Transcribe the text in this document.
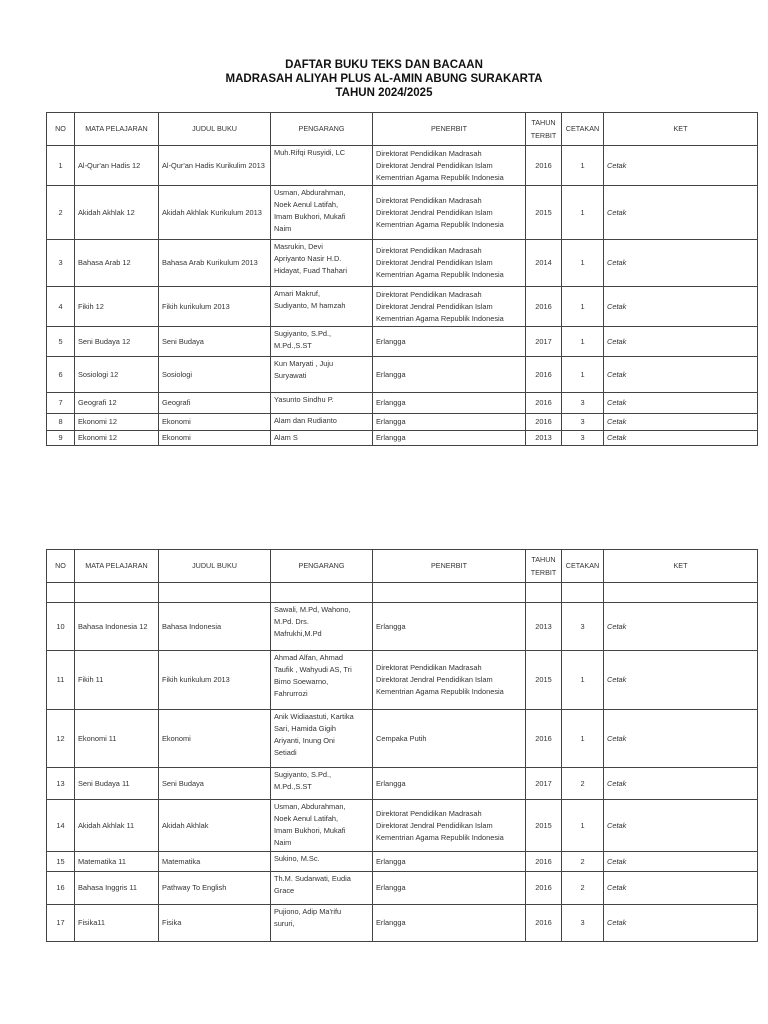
DAFTAR BUKU TEKS DAN BACAAN
MADRASAH ALIYAH PLUS AL-AMIN ABUNG SURAKARTA
TAHUN 2024/2025
NO	MATA PELAJARAN	JUDUL BUKU	PENGARANG	PENERBIT	TAHUN
TERBIT	CETAKAN	KET
1	Al-Qur'an Hadis 12	Al-Qur'an Hadis Kurikulim 2013	Muh.Rifqi Rusyidi, LC	Direktorat Pendidikan Madrasah
Direktorat Jendral Pendidikan Islam
Kementrian Agama Republik Indonesia	2016	1	Cetak
2	Akidah Akhlak 12	Akidah Akhlak Kurikulum 2013	Usman, Abdurahman,
Noek Aenul Latifah,
Imam Bukhori, Mukafi
Naim	Direktorat Pendidikan Madrasah
Direktorat Jendral Pendidikan Islam
Kementrian Agama Republik Indonesia	2015	1	Cetak
3	Bahasa Arab 12	Bahasa Arab Kurikulum 2013	Masrukin, Devi
Apriyanto Nasir H.D.
Hidayat, Fuad Thahari	Direktorat Pendidikan Madrasah
Direktorat Jendral Pendidikan Islam
Kementrian Agama Republik Indonesia	2014	1	Cetak
4	Fikih 12	Fikih kurikulum 2013	Amari Makruf,
Sudiyanto, M hamzah	Direktorat Pendidikan Madrasah
Direktorat Jendral Pendidikan Islam
Kementrian Agama Republik Indonesia	2016	1	Cetak
5	Seni Budaya 12	Seni Budaya	Sugiyanto, S.Pd.,
M.Pd.,S.ST	Erlangga	2017	1	Cetak
6	Sosiologi 12	Sosiologi	Kun Maryati , Juju
Suryawati	Erlangga	2016	1	Cetak
7	Geografi 12	Geografi	Yasunto Sindhu P.	Erlangga	2016	3	Cetak
8	Ekonomi 12	Ekonomi	Alam dan Rudianto	Erlangga	2016	3	Cetak
9	Ekonomi 12	Ekonomi	Alam S	Erlangga	2013	3	Cetak
NO	MATA PELAJARAN	JUDUL BUKU	PENGARANG	PENERBIT	TAHUN
TERBIT	CETAKAN	KET

10	Bahasa Indonesia 12	Bahasa Indonesia	Sawali, M.Pd, Wahono,
M.Pd. Drs.
Mafrukhi,M.Pd	Erlangga	2013	3	Cetak
11	Fikih 11	Fikih kurikulum 2013	Ahmad Alfan, Ahmad
Taufik , Wahyudi AS, Tri
Bimo Soewarno,
Fahrurrozi	Direktorat Pendidikan Madrasah
Direktorat Jendral Pendidikan Islam
Kementrian Agama Republik Indonesia	2015	1	Cetak
12	Ekonomi 11	Ekonomi	Anik Widiaastuti, Kartika
Sari, Hamida Gigih
Ariyanti, Inung Oni
Setiadi	Cempaka Putih	2016	1	Cetak
13	Seni Budaya 11	Seni Budaya	Sugiyanto, S.Pd.,
M.Pd.,S.ST	Erlangga	2017	2	Cetak
14	Akidah Akhlak 11	Akidah Akhlak	Usman, Abdurahman,
Noek Aenul Latifah,
Imam Bukhori, Mukafi
Naim	Direktorat Pendidikan Madrasah
Direktorat Jendral Pendidikan Islam
Kementrian Agama Republik Indonesia	2015	1	Cetak
15	Matematika 11	Matematika	Sukino, M.Sc.	Erlangga	2016	2	Cetak
16	Bahasa Inggris 11	Pathway To English	Th.M. Sudarwati, Eudia
Grace	Erlangga	2016	2	Cetak
17	Fisika11	Fisika	Pujiono, Adip Ma'rifu
sururi,	Erlangga	2016	3	Cetak
